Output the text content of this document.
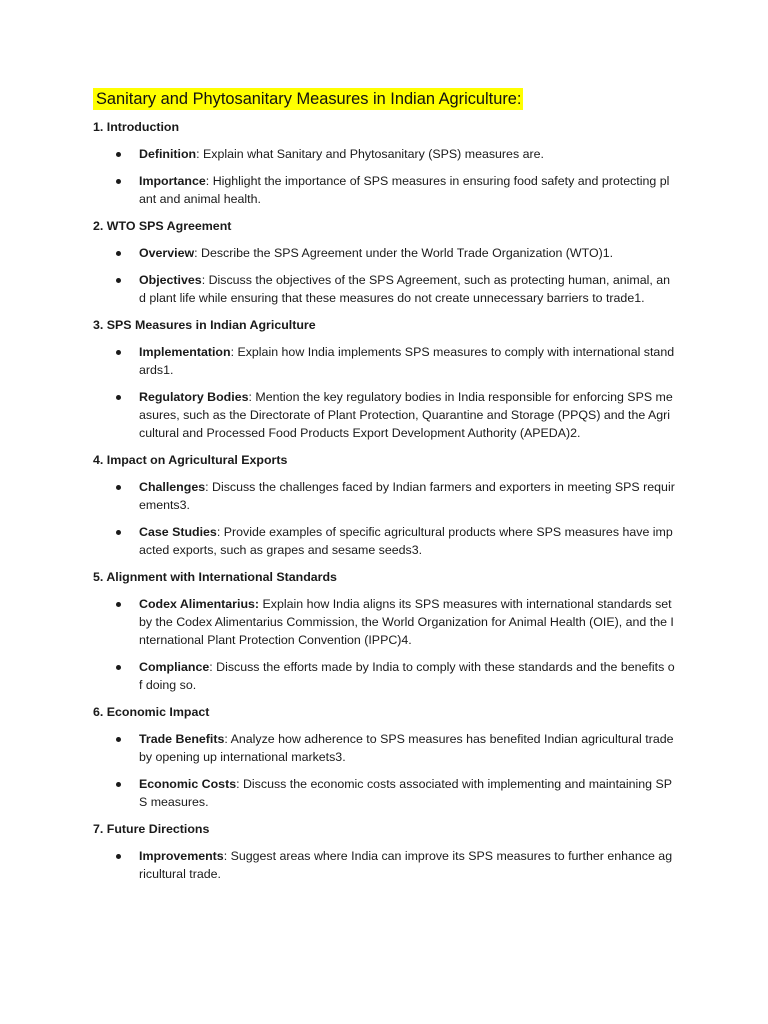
Sanitary and Phytosanitary Measures in Indian Agriculture:
1. Introduction
Definition: Explain what Sanitary and Phytosanitary (SPS) measures are.
Importance: Highlight the importance of SPS measures in ensuring food safety and protecting plant and animal health.
2. WTO SPS Agreement
Overview: Describe the SPS Agreement under the World Trade Organization (WTO)1.
Objectives: Discuss the objectives of the SPS Agreement, such as protecting human, animal, and plant life while ensuring that these measures do not create unnecessary barriers to trade1.
3. SPS Measures in Indian Agriculture
Implementation: Explain how India implements SPS measures to comply with international standards1.
Regulatory Bodies: Mention the key regulatory bodies in India responsible for enforcing SPS measures, such as the Directorate of Plant Protection, Quarantine and Storage (PPQS) and the Agricultural and Processed Food Products Export Development Authority (APEDA)2.
4. Impact on Agricultural Exports
Challenges: Discuss the challenges faced by Indian farmers and exporters in meeting SPS requirements3.
Case Studies: Provide examples of specific agricultural products where SPS measures have impacted exports, such as grapes and sesame seeds3.
5. Alignment with International Standards
Codex Alimentarius: Explain how India aligns its SPS measures with international standards set by the Codex Alimentarius Commission, the World Organization for Animal Health (OIE), and the International Plant Protection Convention (IPPC)4.
Compliance: Discuss the efforts made by India to comply with these standards and the benefits of doing so.
6. Economic Impact
Trade Benefits: Analyze how adherence to SPS measures has benefited Indian agricultural trade by opening up international markets3.
Economic Costs: Discuss the economic costs associated with implementing and maintaining SPS measures.
7. Future Directions
Improvements: Suggest areas where India can improve its SPS measures to further enhance agricultural trade.
